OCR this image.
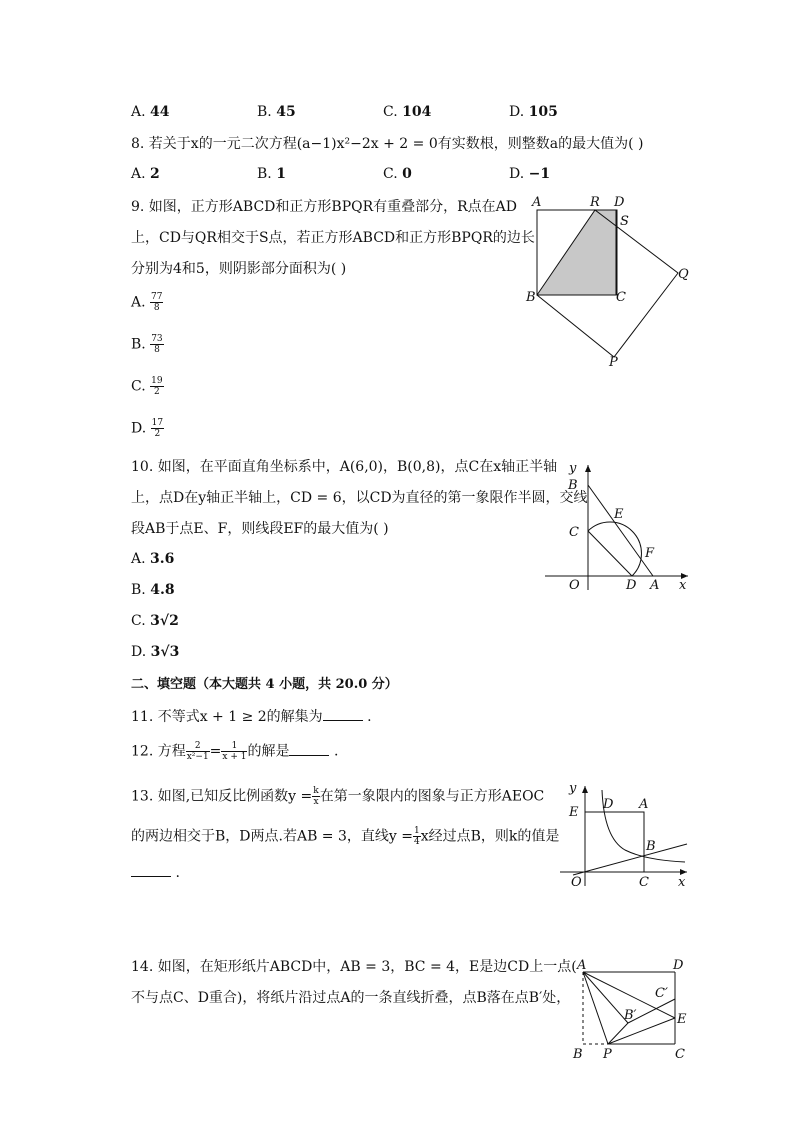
A. 44	B. 45	C. 104	D. 105
8. 若关于x的一元二次方程(a−1)x²−2x + 2 = 0有实数根，则整数a的最大值为( )
A. 2	B. 1	C. 0	D. −1
9. 如图，正方形ABCD和正方形BPQR有重叠部分，R点在AD
上，CD与QR相交于S点，若正方形ABCD和正方形BPQR的边长
分别为4和5，则阴影部分面积为( )
A. $\frac{77}{8}$
B. $\frac{73}{8}$
C. $\frac{19}{2}$
D. $\frac{17}{2}$
A	R D
S
Q
B	C
P
10. 如图，在平面直角坐标系中，A(6,0)，B(0,8)，点C在x轴正半轴
上，点D在y轴正半轴上，CD = 6，以CD为直径的第一象限作半圆，交线
段AB于点E、F，则线段EF的最大值为( )
A. 3.6
B. 4.8
C. 3√2
D. 3√3
y
B
E
C
F
O	D A x
二、填空题（本大题共 4 小题，共 20.0 分）
11. 不等式x + 1 ≥ 2的解集为	.
12. 方程 $\frac{2}{\text{x²−1}} = \frac{1}{x + 1}$ 的解是	.
13. 如图,已知反比例函数$y = \frac{k}{x}$ 在第一象限内的图象与正方形AEOC
的两边相交于B，D两点.若AB = 3，直线$y = \frac{1}{4}$ x经过点B，则k的值是
.
y
E
D A
B
O	C x
14. 如图，在矩形纸片ABCD中，AB = 3，BC = 4，E是边CD上一点(
不与点C、D重合)，将纸片沿过点A的一条直线折叠，点B落在点B′处，
A	D
C′
B′	E
B P	C
